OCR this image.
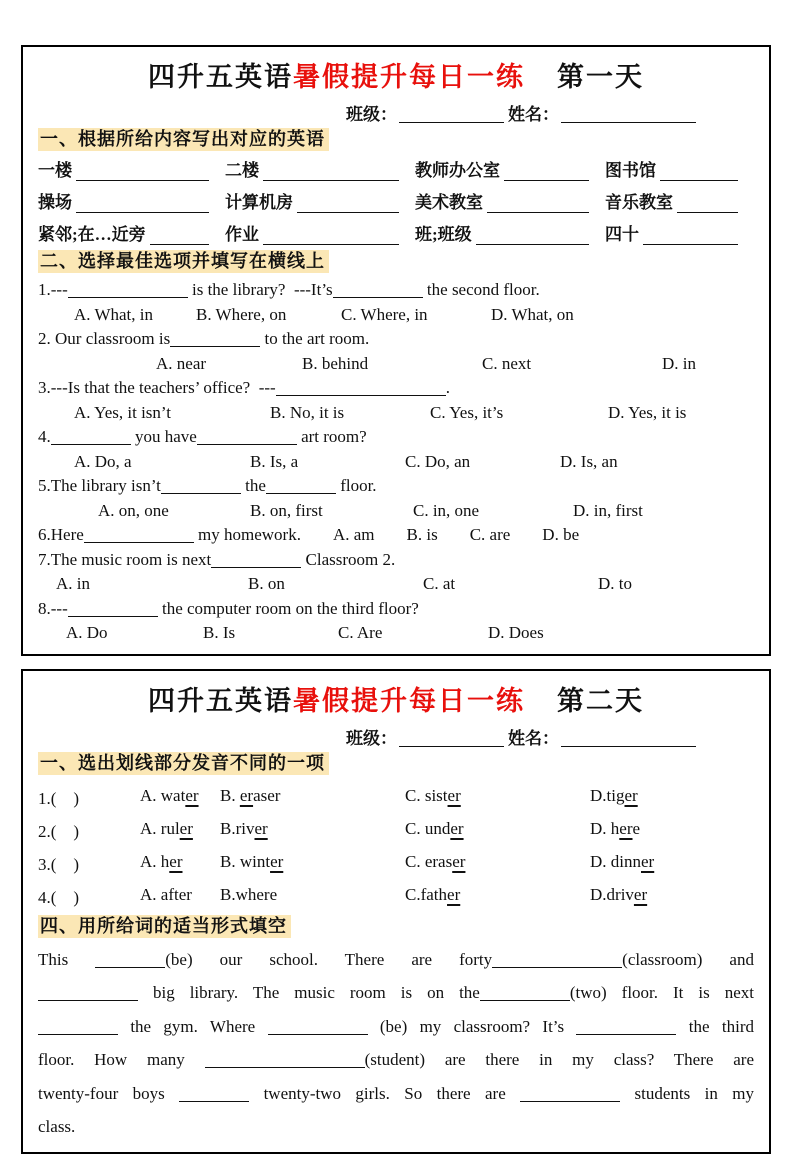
四升五英语暑假提升每日一练 第一天
班级：	姓名：
一、根据所给内容写出对应的英语
一楼	二楼	教师办公室	图书馆
操场	计算机房	美术教室	音乐教室
紧邻;在…近旁	作业	班;班级	四十
二、选择最佳选项并填写在横线上
1.---	is the library?  ---It’s	the second floor.
A. What, in	B. Where, on	C. Where, in	D. What, on
2. Our classroom is	to the art room.
A. near	B. behind	C. next	D. in
3.---Is that the teachers’ office?  ---	.
A. Yes, it isn’t	B. No, it is	C. Yes, it’s	D. Yes, it is
4.	you have	art room?
A. Do, a	B. Is, a	C. Do, an	D. Is, an
5.The library isn’t	the	floor.
A. on, one	B. on, first	C. in, one	D. in, first
6.Here	my homework. A. am B. is C. are D. be
7.The music room is next	Classroom 2.
A. in	B. on	C. at	D. to
8.---	the computer room on the third floor?
A. Do	B. Is	C. Are	D. Does
四升五英语暑假提升每日一练 第二天
班级：	姓名：
一、选出划线部分发音不同的一项
1.(　)	A. water	B. eraser	C. sister	D.tiger
2.(　)	A. ruler	B.river	C. under	D. here
3.(　)	A. her	B. winter	C. eraser	D. dinner
4.(　)	A. after	B.where	C.father	D.driver
四、用所给词的适当形式填空
This	(be) our school. There are forty	(classroom) and
big library. The music room is on the	(two) floor. It is next
the gym. Where	(be) my classroom? It’s	the third
floor. How many	(student) are there in my class? There are
twenty-four boys	twenty-two girls. So there are	students in my
class.
